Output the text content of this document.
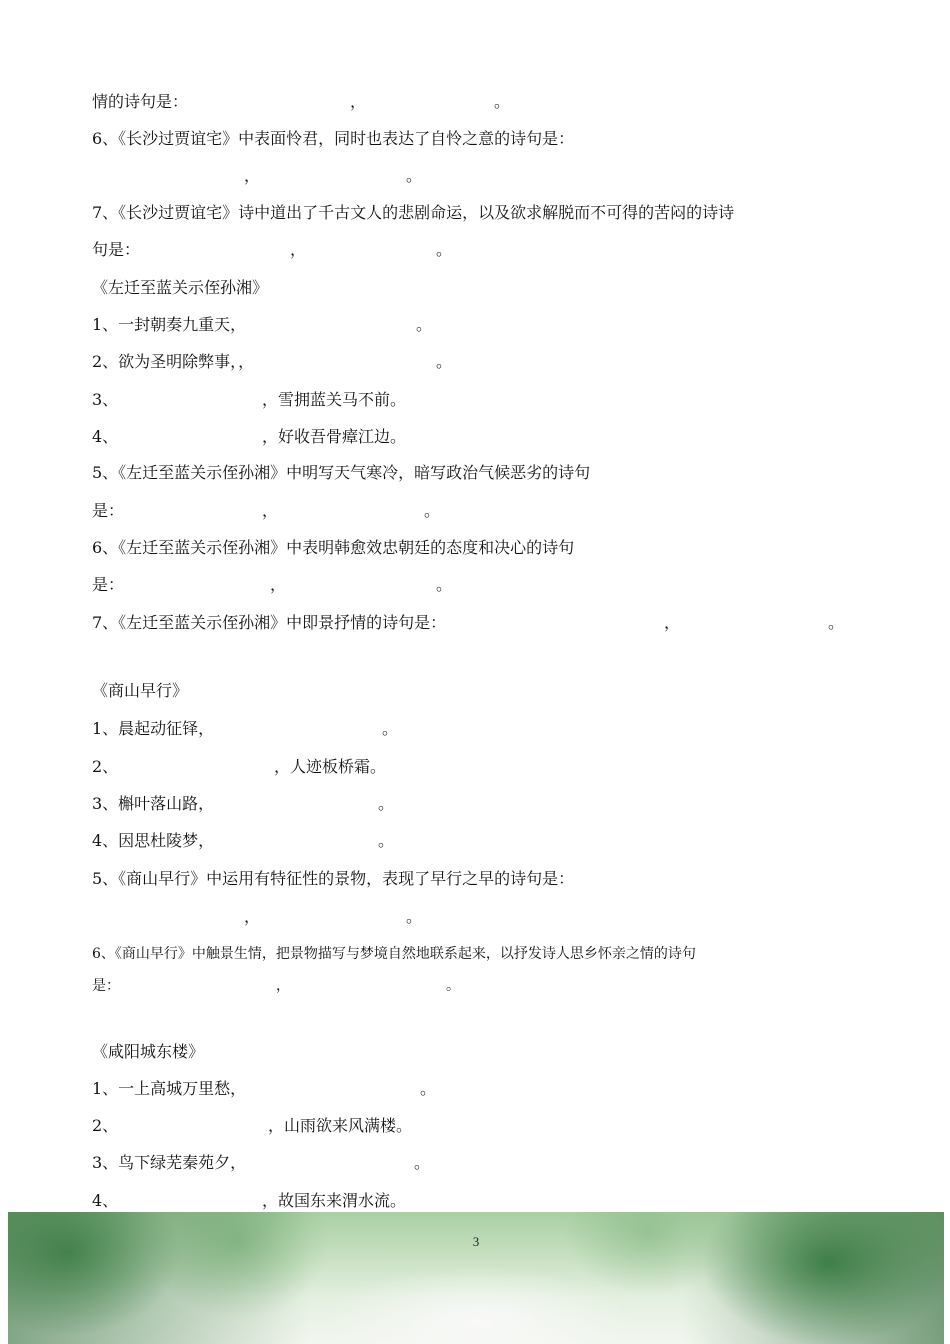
情的诗句是：	，	。
6、《长沙过贾谊宅》中表面怜君，同时也表达了自怜之意的诗句是：
，	。
7、《长沙过贾谊宅》诗中道出了千古文人的悲剧命运，以及欲求解脱而不可得的苦闷的诗诗
句是：	，	。
《左迁至蓝关示侄孙湘》
1、一封朝奏九重天，	。
2、欲为圣明除弊事，，	。
3、	，雪拥蓝关马不前。
4、	，好收吾骨瘴江边。
5、《左迁至蓝关示侄孙湘》中明写天气寒冷，暗写政治气候恶劣的诗句
是：	，	。
6、《左迁至蓝关示侄孙湘》中表明韩愈效忠朝廷的态度和决心的诗句
是：	，	。
7、《左迁至蓝关示侄孙湘》中即景抒情的诗句是：	，	。
《商山早行》
1、晨起动征铎，	。
2、	，人迹板桥霜。
3、槲叶落山路，	。
4、因思杜陵梦，	。
5、《商山早行》中运用有特征性的景物，表现了早行之早的诗句是：
，	。
6、《商山早行》中触景生情，把景物描写与梦境自然地联系起来，以抒发诗人思乡怀亲之情的诗句
是：	，	。
《咸阳城东楼》
1、一上高城万里愁，	。
2、	，山雨欲来风满楼。
3、鸟下绿芜秦苑夕，	。
4、	，故国东来渭水流。
3
